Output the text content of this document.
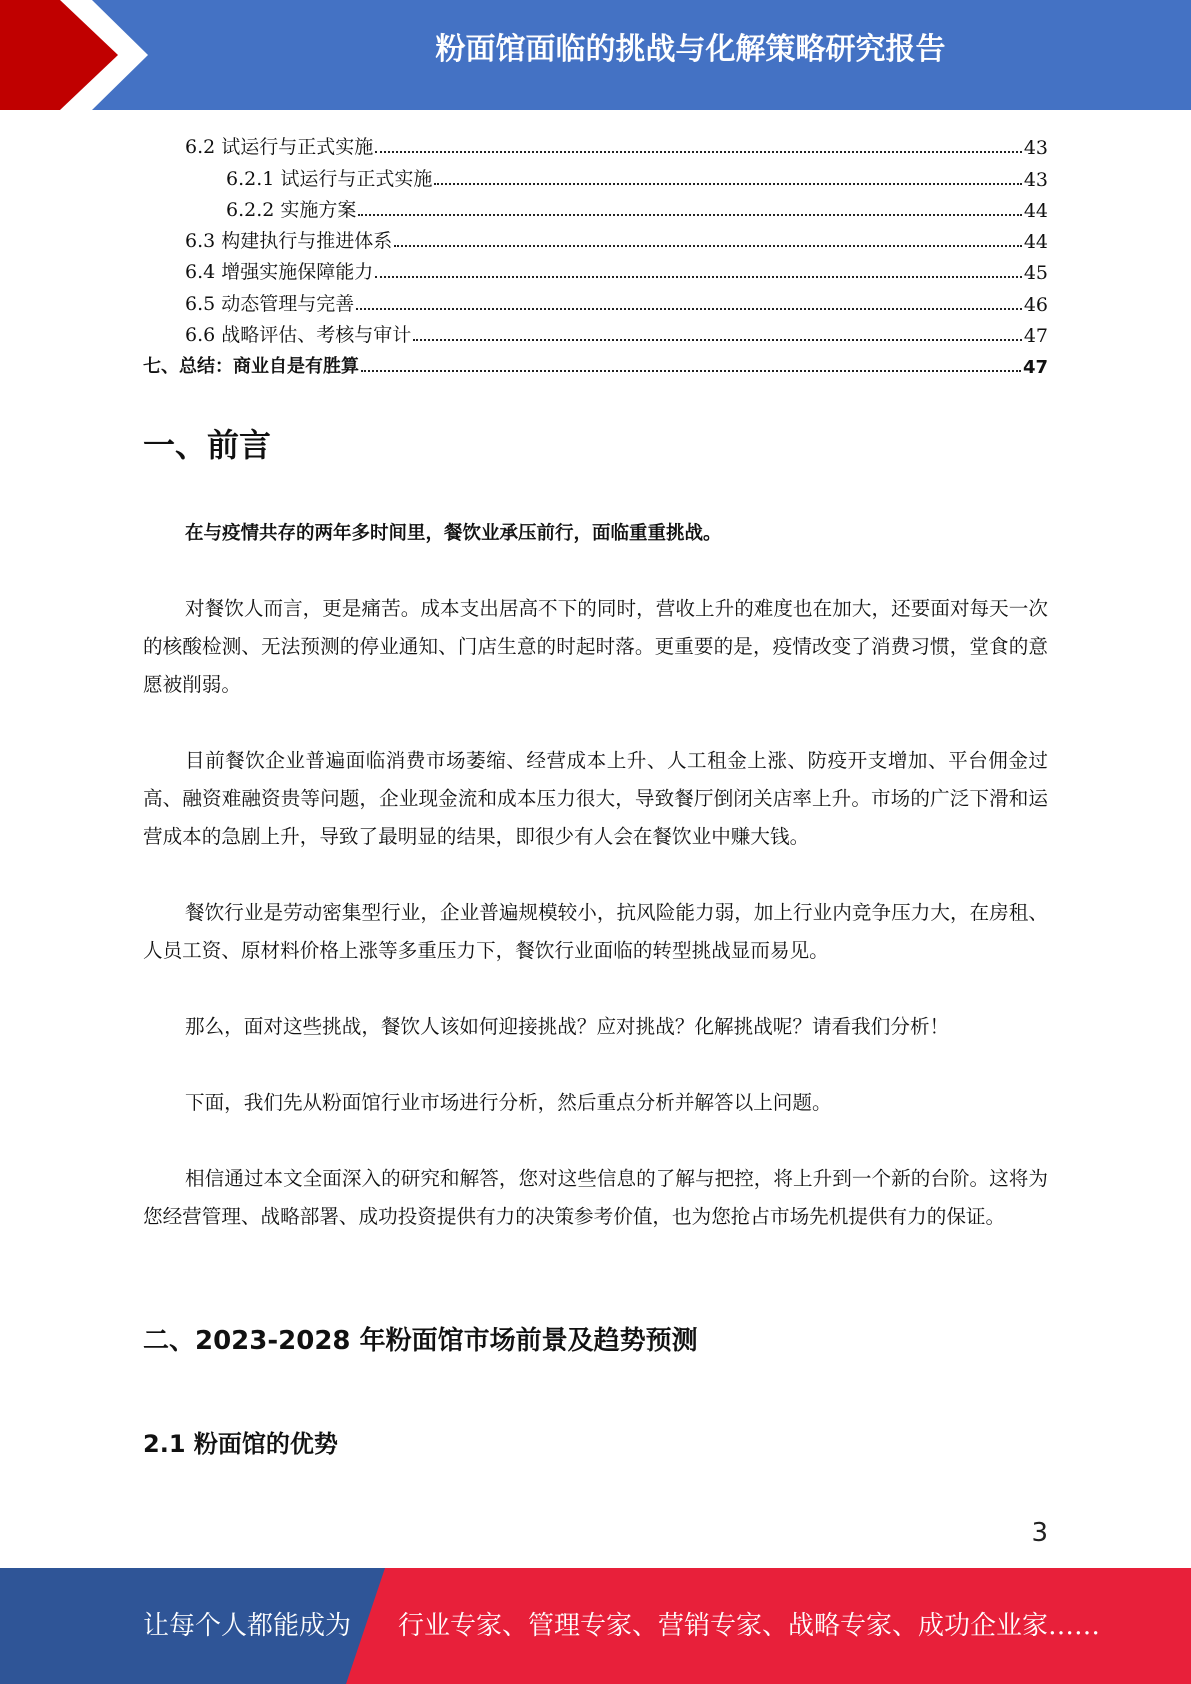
粉面馆面临的挑战与化解策略研究报告
6.2 试运行与正式实施	43
6.2.1 试运行与正式实施	43
6.2.2 实施方案	44
6.3 构建执行与推进体系	44
6.4 增强实施保障能力	45
6.5 动态管理与完善	46
6.6 战略评估、考核与审计	47
七、总结：商业自是有胜算	47
一、前言
在与疫情共存的两年多时间里，餐饮业承压前行，面临重重挑战。
对餐饮人而言，更是痛苦。成本支出居高不下的同时，营收上升的难度也在加大，还要面对每天一次的核酸检测、无法预测的停业通知、门店生意的时起时落。更重要的是，疫情改变了消费习惯，堂食的意愿被削弱。
目前餐饮企业普遍面临消费市场萎缩、经营成本上升、人工租金上涨、防疫开支增加、平台佣金过高、融资难融资贵等问题，企业现金流和成本压力很大，导致餐厅倒闭关店率上升。市场的广泛下滑和运营成本的急剧上升，导致了最明显的结果，即很少有人会在餐饮业中赚大钱。
餐饮行业是劳动密集型行业，企业普遍规模较小，抗风险能力弱，加上行业内竞争压力大，在房租、人员工资、原材料价格上涨等多重压力下，餐饮行业面临的转型挑战显而易见。
那么，面对这些挑战，餐饮人该如何迎接挑战？应对挑战？化解挑战呢？请看我们分析！
下面，我们先从粉面馆行业市场进行分析，然后重点分析并解答以上问题。
相信通过本文全面深入的研究和解答，您对这些信息的了解与把控，将上升到一个新的台阶。这将为您经营管理、战略部署、成功投资提供有力的决策参考价值，也为您抢占市场先机提供有力的保证。
二、2023-2028 年粉面馆市场前景及趋势预测
2.1 粉面馆的优势
3
让每个人都能成为 行业专家、管理专家、营销专家、战略专家、成功企业家……
